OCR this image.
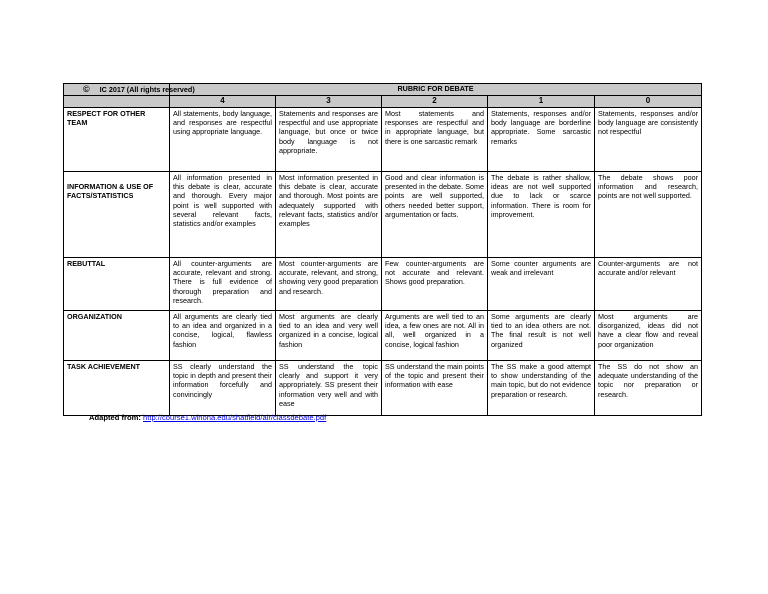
© IC 2017 (All rights reserved)	RUBRIC FOR DEBATE				
	4	3	2	1	0
RESPECT FOR OTHER TEAM	All statements, body language, and responses are respectful using appropriate language.	Statements and responses are respectful and use appropriate language, but once or twice body language is not appropriate.	Most statements and responses are respectful and in appropriate language, but there is one sarcastic remark	Statements, responses and/or body language are borderline appropriate. Some sarcastic remarks	Statements, responses and/or body language are consistently not respectful
INFORMATION & USE OF FACTS/STATISTICS	All information presented in this debate is clear, accurate and thorough. Every major point is well supported with several relevant facts, statistics and/or examples	Most information presented in this debate is clear, accurate and thorough. Most points are adequately supported with relevant facts, statistics and/or examples	Good and clear information is presented in the debate. Some points are well supported, others needed better support, argumentation or facts.	The debate is rather shallow, ideas are not well supported due to lack or scarce information. There is room for improvement.	The debate shows poor information and research, points are not well supported.
REBUTTAL	All counter-arguments are accurate, relevant and strong. There is full evidence of thorough preparation and research.	Most counter-arguments are accurate, relevant, and strong, showing very good preparation and research.	Few counter-arguments are not accurate and relevant. Shows good preparation.	Some counter arguments are weak and irrelevant	Counter-arguments are not accurate and/or relevant
ORGANIZATION	All arguments are clearly tied to an idea and organized in a concise, logical, flawless fashion	Most arguments are clearly tied to an idea and very well organized in a concise, logical fashion	Arguments are well tied to an idea, a few ones are not. All in all, well organized in a concise, logical fashion	Some arguments are clearly tied to an idea others are not. The final result is not well organized	Most arguments are disorganized, ideas did not have a clear flow and reveal poor organization
TASK ACHIEVEMENT	SS clearly understand the topic in depth and present their information forcefully and convincingly	SS understand the topic clearly and support it very appropriately. SS present their information very well and with ease	SS understand the main points of the topic and present their information with ease	The SS make a good attempt to show understanding of the main topic, but do not evidence preparation or research.	The SS do not show an adequate understanding of the topic nor preparation or research.
Adapted from: http://course1.winona.edu/shatfield/air/classdebate.pdf
